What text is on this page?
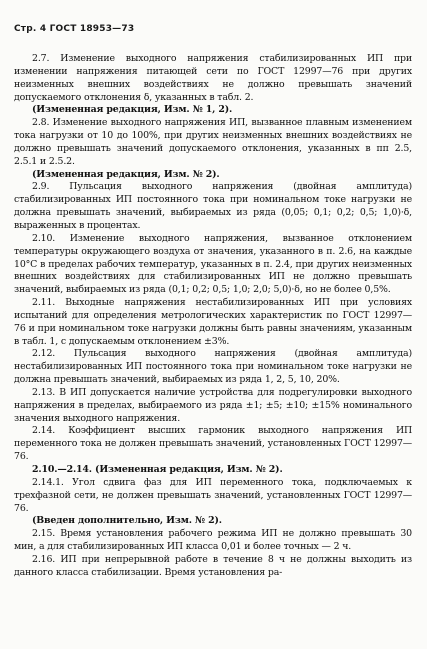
Стр. 4 ГОСТ 18953—73

2.7. Изменение выходного напряжения стабилизированных ИП при изменении напряжения питающей сети по ГОСТ 12997—76 при других неизменных внешних воздействиях не должно превышать значений допускаемого отклонения δ, указанных в табл. 2.

(Измененная редакция, Изм. № 1, 2).

2.8. Изменение выходного напряжения ИП, вызванное плавным изменением тока нагрузки от 10 до 100%, при других неизменных внешних воздействиях не должно превышать значений допускаемого отклонения, указанных в пп 2.5, 2.5.1 и 2.5.2.

(Измененная редакция, Изм. № 2).

2.9. Пульсация выходного напряжения (двойная амплитуда) стабилизированных ИП постоянного тока при номинальном токе нагрузки не должна превышать значений, выбираемых из ряда (0,05; 0,1; 0,2; 0,5; 1,0)·δ, выраженных в процентах.

2.10. Изменение выходного напряжения, вызванное отклонением температуры окружающего воздуха от значения, указанного в п. 2.6, на каждые 10°С в пределах рабочих температур, указанных в п. 2.4, при других неизменных внешних воздействиях для стабилизированных ИП не должно превышать значений, выбираемых из ряда (0,1; 0,2; 0,5; 1,0; 2,0; 5,0)·δ, но не более 0,5%.

2.11. Выходные напряжения нестабилизированных ИП при условиях испытаний для определения метрологических характеристик по ГОСТ 12997—76 и при номинальном токе нагрузки должны быть равны значениям, указанным в табл. 1, с допускаемым отклонением ±3%.

2.12. Пульсация выходного напряжения (двойная амплитуда) нестабилизированных ИП постоянного тока при номинальном токе нагрузки не должна превышать значений, выбираемых из ряда 1, 2, 5, 10, 20%.

2.13. В ИП допускается наличие устройства для подрегулировки выходного напряжения в пределах, выбираемого из ряда ±1; ±5; ±10; ±15% номинального значения выходного напряжения.

2.14. Коэффициент высших гармоник выходного напряжения ИП переменного тока не должен превышать значений, установленных ГОСТ 12997—76.

2.10.—2.14. (Измененная редакция, Изм. № 2).

2.14.1. Угол сдвига фаз для ИП переменного тока, подключаемых к трехфазной сети, не должен превышать значений, установленных ГОСТ 12997—76.

(Введен дополнительно, Изм. № 2).

2.15. Время установления рабочего режима ИП не должно превышать 30 мин, а для стабилизированных ИП класса 0,01 и более точных — 2 ч.

2.16. ИП при непрерывной работе в течение 8 ч не должны выходить из данного класса стабилизации. Время установления ра-
